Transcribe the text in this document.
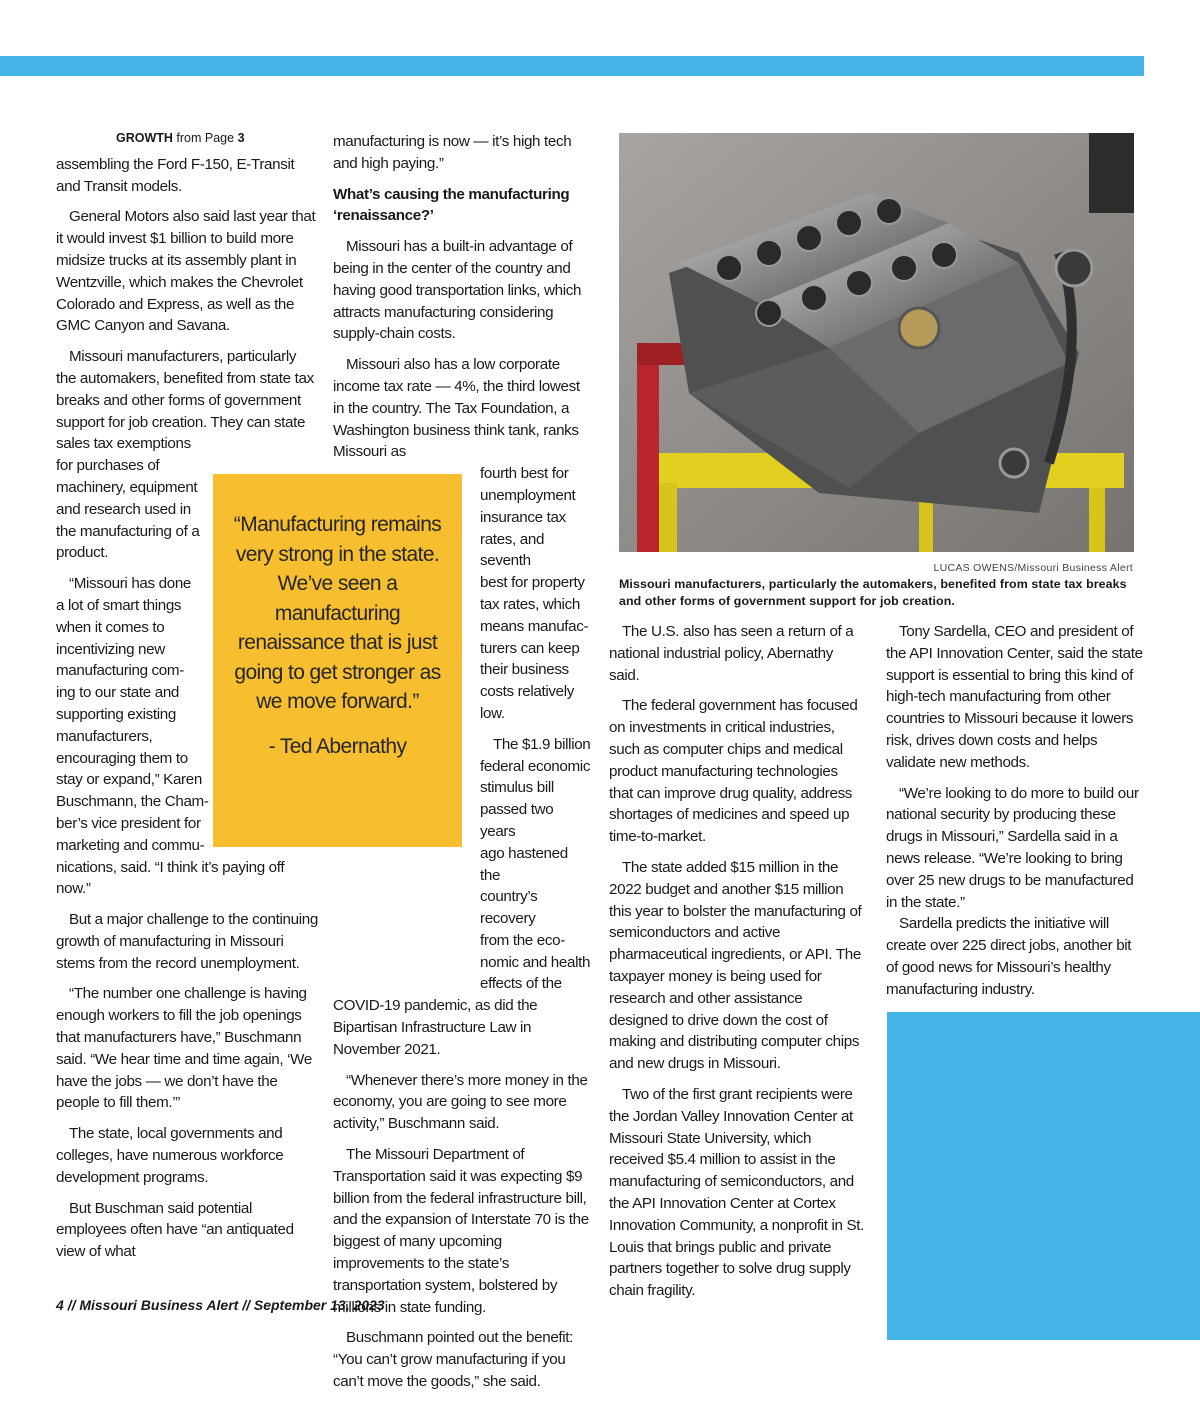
GROWTH from Page 3

assembling the Ford F-150, E-Transit and Transit models.

General Motors also said last year that it would invest $1 billion to build more midsize trucks at its assembly plant in Wentzville, which makes the Chevrolet Colorado and Express, as well as the GMC Canyon and Savana.

Missouri manufacturers, particularly the automakers, benefited from state tax breaks and other forms of government support for job creation. They can state

sales tax exemptions
for purchases of
machinery, equipment
and research used in
the manufacturing of a
product.
“Missouri has done
a lot of smart things
when it comes to
incentivizing new
manufacturing com-
ing to our state and
supporting existing
manufacturers,
encouraging them to
stay or expand,” Karen
Buschmann, the Cham-
ber’s vice president for
marketing and commu-

nications, said. “I think it’s paying off now.”

But a major challenge to the continuing growth of manufacturing in Missouri stems from the record unemployment.

“The number one challenge is having enough workers to fill the job openings that manufacturers have,” Buschmann said. “We hear time and time again, ‘We have the jobs — we don’t have the people to fill them.’”

The state, local governments and colleges, have numerous workforce development programs.

But Buschman said potential employees often have “an antiquated view of what

“Manufacturing remains very strong in the state. We’ve seen a manufacturing renaissance that is just going to get stronger as we move forward.”
- Ted Abernathy

manufacturing is now — it’s high tech and high paying.”

What’s causing the manufacturing ‘renaissance?’

Missouri has a built-in advantage of being in the center of the country and having good transportation links, which attracts manufacturing considering supply-chain costs.

Missouri also has a low corporate income tax rate — 4%, the third lowest in the country. The Tax Foundation, a Washington business think tank, ranks Missouri as

fourth best for
unemployment
insurance tax
rates, and seventh
best for property
tax rates, which
means manufac-
turers can keep
their business
costs relatively
low.
The $1.9 billion
federal economic
stimulus bill
passed two years
ago hastened the
country’s recovery
from the eco-
nomic and health
effects of the

COVID-19 pandemic, as did the Bipartisan Infrastructure Law in November 2021.

“Whenever there’s more money in the economy, you are going to see more activity,” Buschmann said.

The Missouri Department of Transportation said it was expecting $9 billion from the federal infrastructure bill, and the expansion of Interstate 70 is the biggest of many upcoming improvements to the state’s transportation system, bolstered by millions in state funding.

Buschmann pointed out the benefit: “You can’t grow manufacturing if you can’t move the goods,” she said.

LUCAS OWENS/Missouri Business Alert
Missouri manufacturers, particularly the automakers, benefited from state tax breaks and other forms of government support for job creation.

The U.S. also has seen a return of a national industrial policy, Abernathy said.

The federal government has focused on investments in critical industries, such as computer chips and medical product manufacturing technologies that can improve drug quality, address shortages of medicines and speed up time-to-market.

The state added $15 million in the 2022 budget and another $15 million this year to bolster the manufacturing of semiconductors and active pharmaceutical ingredients, or API. The taxpayer money is being used for research and other assistance designed to drive down the cost of making and distributing computer chips and new drugs in Missouri.

Two of the first grant recipients were the Jordan Valley Innovation Center at Missouri State University, which received $5.4 million to assist in the manufacturing of semiconductors, and the API Innovation Center at Cortex Innovation Community, a nonprofit in St. Louis that brings public and private partners together to solve drug supply chain fragility.

Tony Sardella, CEO and president of the API Innovation Center, said the state support is essential to bring this kind of high-tech manufacturing from other countries to Missouri because it lowers risk, drives down costs and helps validate new methods.

“We’re looking to do more to build our national security by producing these drugs in Missouri,” Sardella said in a news release. “We’re looking to bring over 25 new drugs to be manufactured in the state.”

Sardella predicts the initiative will create over 225 direct jobs, another bit of good news for Missouri’s healthy manufacturing industry.

4 // Missouri Business Alert // September 13, 2023
